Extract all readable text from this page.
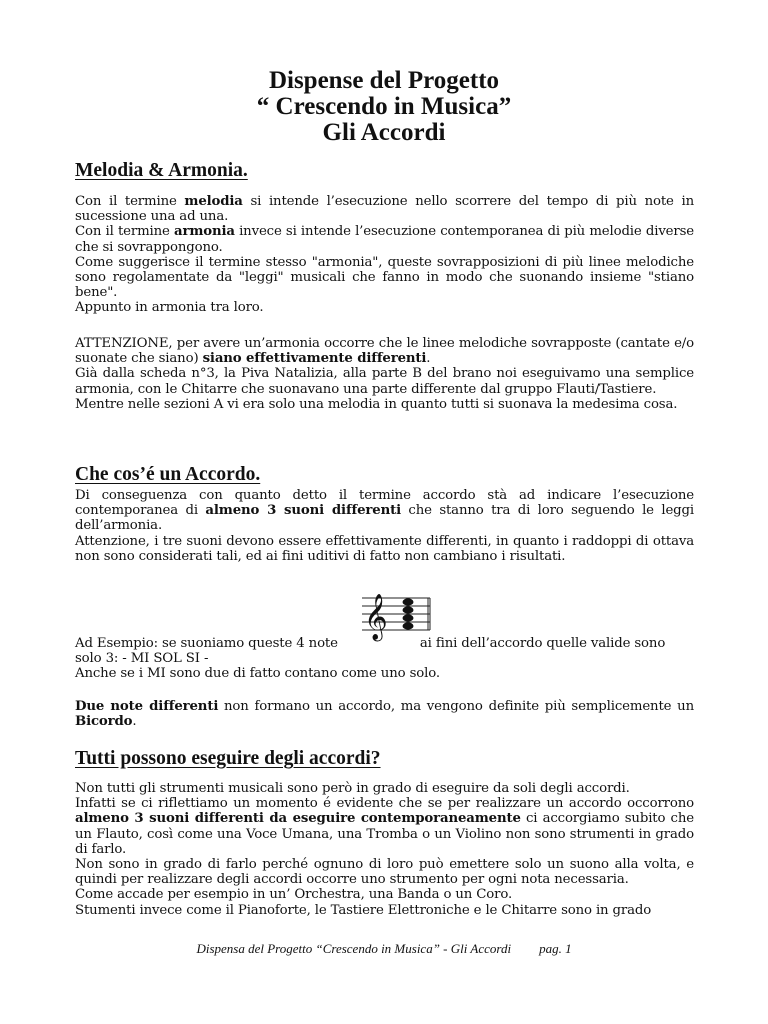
Dispense del Progetto
“ Crescendo in Musica”
Gli Accordi
Melodia & Armonia.
Con il termine melodia si intende l’esecuzione nello scorrere del tempo di più note in sucessione una ad una.
Con il termine armonia invece si intende l’esecuzione contemporanea di più melodie diverse che si sovrappongono.
Come suggerisce il termine stesso "armonia", queste sovrapposizioni di più linee melodiche sono regolamentate da "leggi" musicali che fanno in modo che suonando insieme "stiano bene".
Appunto in armonia tra loro.
ATTENZIONE, per avere un’armonia occorre che le linee melodiche sovrapposte (cantate e/o suonate che siano) siano effettivamente differenti.
Già dalla scheda n°3, la Piva Natalizia, alla parte B del brano noi eseguivamo una semplice armonia, con le Chitarre che suonavano una parte differente dal gruppo Flauti/Tastiere.
Mentre nelle sezioni A vi era solo una melodia in quanto tutti si suonava la medesima cosa.
Che cos’é un Accordo.
Di conseguenza con quanto detto il termine accordo stà ad indicare l’esecuzione contemporanea di almeno 3 suoni differenti che stanno tra di loro seguendo le leggi dell’armonia.
Attenzione, i tre suoni devono essere effettivamente differenti, in quanto i raddoppi di ottava non sono considerati tali, ed ai fini uditivi di fatto non cambiano i risultati.
𝄞
Ad Esempio: se suoniamo queste 4 note	ai fini dell’accordo quelle valide sono
solo 3: - MI SOL SI -
Anche se i MI sono due di fatto contano come uno solo.
Due note differenti non formano un accordo, ma vengono definite più semplicemente un Bicordo.
Tutti possono eseguire degli accordi?
Non tutti gli strumenti musicali sono però in grado di eseguire da soli degli accordi.
Infatti se ci riflettiamo un momento é evidente che se per realizzare un accordo occorrono almeno 3 suoni differenti da eseguire contemporaneamente ci accorgiamo subito che un Flauto, così come una Voce Umana, una Tromba o un Violino non sono strumenti in grado di farlo.
Non sono in grado di farlo perché ognuno di loro può emettere solo un suono alla volta, e quindi per realizzare degli accordi occorre uno strumento per ogni nota necessaria.
Come accade per esempio in un’ Orchestra, una Banda o un Coro.
Stumenti invece come il Pianoforte, le Tastiere Elettroniche e le Chitarre sono in grado
Dispensa del Progetto “Crescendo in Musica” - Gli Accordi pag. 1
